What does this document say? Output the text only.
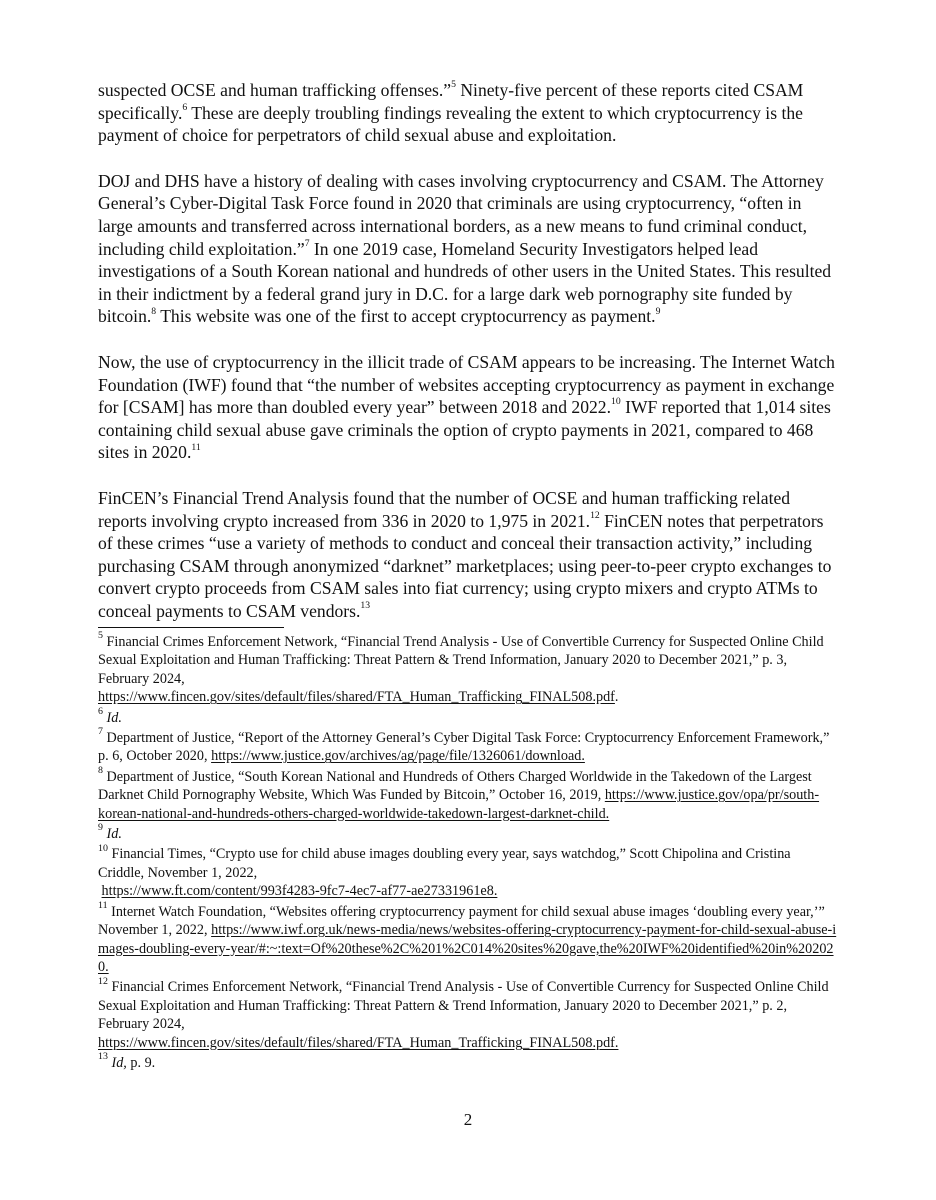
suspected OCSE and human trafficking offenses.”$^5$ Ninety-five percent of these reports cited CSAM specifically.$^6$ These are deeply troubling findings revealing the extent to which cryptocurrency is the payment of choice for perpetrators of child sexual abuse and exploitation.

DOJ and DHS have a history of dealing with cases involving cryptocurrency and CSAM. The Attorney General’s Cyber-Digital Task Force found in 2020 that criminals are using cryptocurrency, “often in large amounts and transferred across international borders, as a new means to fund criminal conduct, including child exploitation.”$^7$ In one 2019 case, Homeland Security Investigators helped lead investigations of a South Korean national and hundreds of other users in the United States. This resulted in their indictment by a federal grand jury in D.C. for a large dark web pornography site funded by bitcoin.$^8$ This website was one of the first to accept cryptocurrency as payment.$^9$

Now, the use of cryptocurrency in the illicit trade of CSAM appears to be increasing. The Internet Watch Foundation (IWF) found that “the number of websites accepting cryptocurrency as payment in exchange for [CSAM] has more than doubled every year” between 2018 and 2022.10 IWF reported that 1,014 sites containing child sexual abuse gave criminals the option of crypto payments in 2021, compared to 468 sites in 2020.11

FinCEN’s Financial Trend Analysis found that the number of OCSE and human trafficking related reports involving crypto increased from 336 in 2020 to 1,975 in 2021.12 FinCEN notes that perpetrators of these crimes “use a variety of methods to conduct and conceal their transaction activity,” including purchasing CSAM through anonymized “darknet” marketplaces; using peer-to-peer crypto exchanges to convert crypto proceeds from CSAM sales into fiat currency; using crypto mixers and crypto ATMs to conceal payments to CSAM vendors.$^{13}$

$^5$ Financial Crimes Enforcement Network, “Financial Trend Analysis - Use of Convertible Currency for Suspected Online Child Sexual Exploitation and Human Trafficking: Threat Pattern & Trend Information, January 2020 to December 2021,” p. 3, February 2024,
https://www.fincen.gov/sites/default/files/shared/FTA_Human_Trafficking_FINAL508.pdf.
$^6$ Id.
$^7$ Department of Justice, “Report of the Attorney General’s Cyber Digital Task Force: Cryptocurrency Enforcement Framework,” p. 6, October 2020, https://www.justice.gov/archives/ag/page/file/1326061/download.
$^8$ Department of Justice, “South Korean National and Hundreds of Others Charged Worldwide in the Takedown of the Largest Darknet Child Pornography Website, Which Was Funded by Bitcoin,” October 16, 2019, https://www.justice.gov/opa/pr/south-korean-national-and-hundreds-others-charged-worldwide-takedown-largest-darknet-child.
$^9$ Id.
$^{10}$ Financial Times, “Crypto use for child abuse images doubling every year, says watchdog,” Scott Chipolina and Cristina Criddle, November 1, 2022,
https://www.ft.com/content/993f4283-9fc7-4ec7-af77-ae27331961e8.
$^{11}$ Internet Watch Foundation, “Websites offering cryptocurrency payment for child sexual abuse images ‘doubling every year,’” November 1, 2022, https://www.iwf.org.uk/news-media/news/websites-offering-cryptocurrency-payment-for-child-sexual-abuse-images-doubling-every-year/#:~:text=Of%20these%2C%201%2C014%20sites%20gave,the%20IWF%20identified%20in%202020.
$^{12}$ Financial Crimes Enforcement Network, “Financial Trend Analysis - Use of Convertible Currency for Suspected Online Child Sexual Exploitation and Human Trafficking: Threat Pattern & Trend Information, January 2020 to December 2021,” p. 2, February 2024,
https://www.fincen.gov/sites/default/files/shared/FTA_Human_Trafficking_FINAL508.pdf.
$^{13}$ Id, p. 9.
2
